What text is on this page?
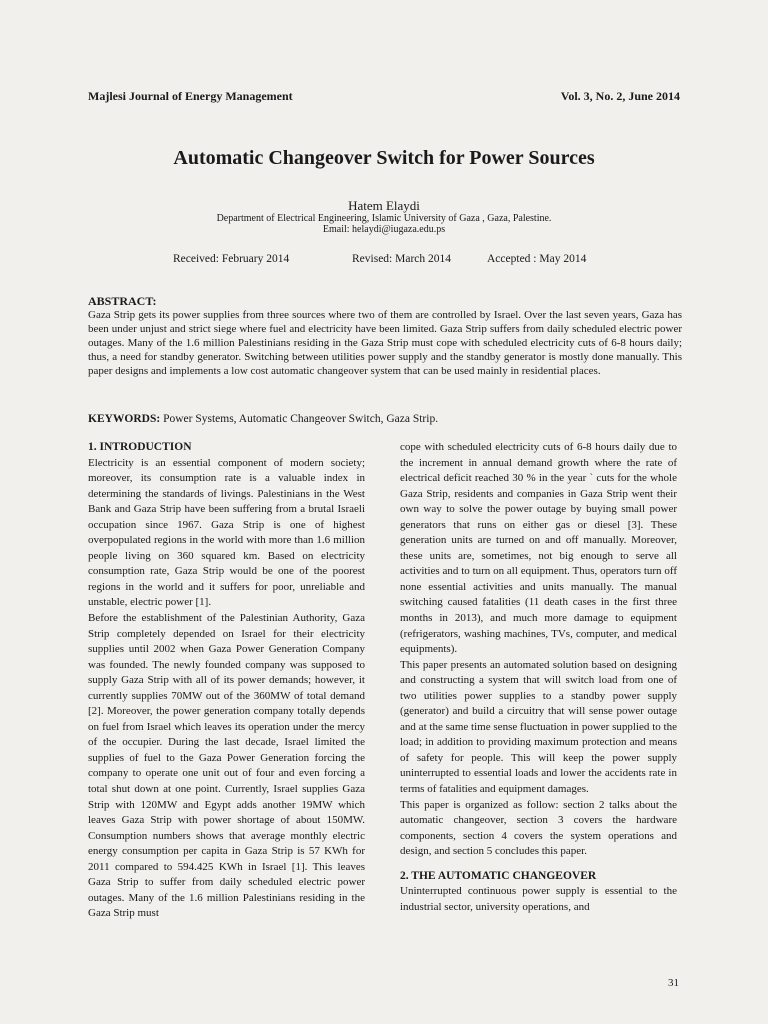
Majlesi Journal of Energy Management	Vol. 3, No. 2, June 2014
Automatic Changeover Switch for Power Sources
Hatem Elaydi
Department of Electrical Engineering, Islamic University of Gaza , Gaza, Palestine.
Email: helaydi@iugaza.edu.ps
Received: February 2014	Revised: March 2014	Accepted : May 2014
ABSTRACT:

Gaza Strip gets its power supplies from three sources where two of them are controlled by Israel. Over the last seven years, Gaza has been under unjust and strict siege where fuel and electricity have been limited. Gaza Strip suffers from daily scheduled electric power outages. Many of the 1.6 million Palestinians residing in the Gaza Strip must cope with scheduled electricity cuts of 6-8 hours daily; thus, a need for standby generator. Switching between utilities power supply and the standby generator is mostly done manually. This paper designs and implements a low cost automatic changeover system that can be used mainly in residential places.

KEYWORDS: Power Systems, Automatic Changeover Switch, Gaza Strip.
1. INTRODUCTION

Electricity is an essential component of modern society; moreover, its consumption rate is a valuable index in determining the standards of livings. Palestinians in the West Bank and Gaza Strip have been suffering from a brutal Israeli occupation since 1967. Gaza Strip is one of highest overpopulated regions in the world with more than 1.6 million people living on 360 squared km. Based on electricity consumption rate, Gaza Strip would be one of the poorest regions in the world and it suffers for poor, unreliable and unstable, electric power [1].

Before the establishment of the Palestinian Authority, Gaza Strip completely depended on Israel for their electricity supplies until 2002 when Gaza Power Generation Company was founded. The newly founded company was supposed to supply Gaza Strip with all of its power demands; however, it currently supplies 70MW out of the 360MW of total demand [2]. Moreover, the power generation company totally depends on fuel from Israel which leaves its operation under the mercy of the occupier. During the last decade, Israel limited the supplies of fuel to the Gaza Power Generation forcing the company to operate one unit out of four and even forcing a total shut down at one point. Currently, Israel supplies Gaza Strip with 120MW and Egypt adds another 19MW which leaves Gaza Strip with power shortage of about 150MW. Consumption numbers shows that average monthly electric energy consumption per capita in Gaza Strip is 57 KWh for 2011 compared to 594.425 KWh in Israel [1]. This leaves Gaza Strip to suffer from daily scheduled electric power outages. Many of the 1.6 million Palestinians residing in the Gaza Strip must

cope with scheduled electricity cuts of 6-8 hours daily due to the increment in annual demand growth where the rate of electrical deficit reached 30 % in the year ` cuts for the whole Gaza Strip, residents and companies in Gaza Strip went their own way to solve the power outage by buying small power generators that runs on either gas or diesel [3]. These generation units are turned on and off manually. Moreover, these units are, sometimes, not big enough to serve all activities and to turn on all equipment. Thus, operators turn off none essential activities and units manually. The manual switching caused fatalities (11 death cases in the first three months in 2013), and much more damage to equipment (refrigerators, washing machines, TVs, computer, and medical equipments).

This paper presents an automated solution based on designing and constructing a system that will switch load from one of two utilities power supplies to a standby power supply (generator) and build a circuitry that will sense power outage and at the same time sense fluctuation in power supplied to the load; in addition to providing maximum protection and means of safety for people. This will keep the power supply uninterrupted to essential loads and lower the accidents rate in terms of fatalities and equipment damages.

This paper is organized as follow: section 2 talks about the automatic changeover, section 3 covers the hardware components, section 4 covers the system operations and design, and section 5 concludes this paper.

2. THE AUTOMATIC CHANGEOVER

Uninterrupted continuous power supply is essential to the industrial sector, university operations, and

31
